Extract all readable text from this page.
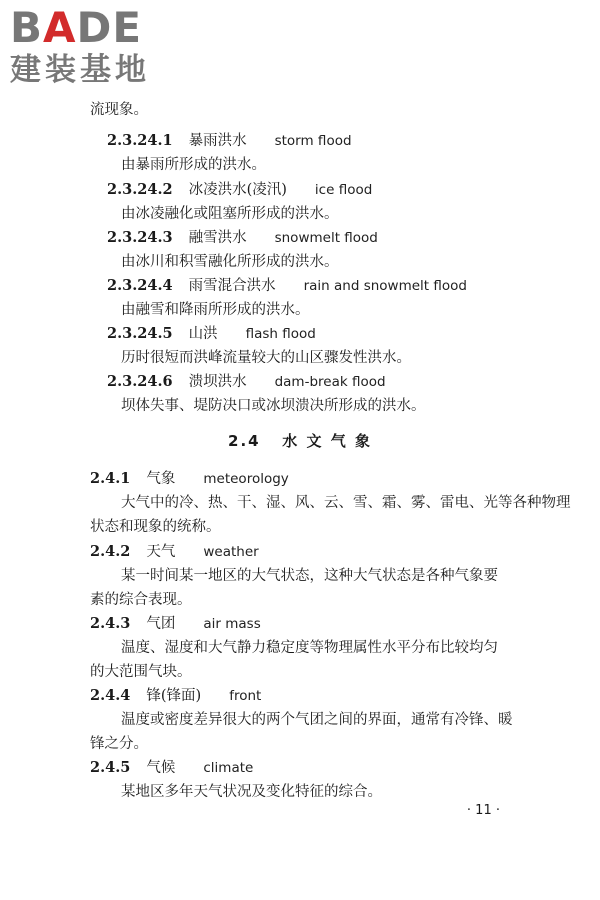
BADE
建装基地
流现象。
2.3.24.1 暴雨洪水 storm flood
由暴雨所形成的洪水。
2.3.24.2 冰凌洪水(凌汛) ice flood
由冰凌融化或阻塞所形成的洪水。
2.3.24.3 融雪洪水 snowmelt flood
由冰川和积雪融化所形成的洪水。
2.3.24.4 雨雪混合洪水 rain and snowmelt flood
由融雪和降雨所形成的洪水。
2.3.24.5 山洪 flash flood
历时很短而洪峰流量较大的山区骤发性洪水。
2.3.24.6 溃坝洪水 dam-break flood
坝体失事、堤防决口或冰坝溃决所形成的洪水。
2.4 水 文 气 象
2.4.1 气象 meteorology
大气中的冷、热、干、湿、风、云、雪、霜、雾、雷电、光等各种物理
状态和现象的统称。
2.4.2 天气 weather
某一时间某一地区的大气状态，这种大气状态是各种气象要
素的综合表现。
2.4.3 气团 air mass
温度、湿度和大气静力稳定度等物理属性水平分布比较均匀
的大范围气块。
2.4.4 锋(锋面) front
温度或密度差异很大的两个气团之间的界面，通常有冷锋、暖
锋之分。
2.4.5 气候 climate
某地区多年天气状况及变化特征的综合。
· 11 ·
